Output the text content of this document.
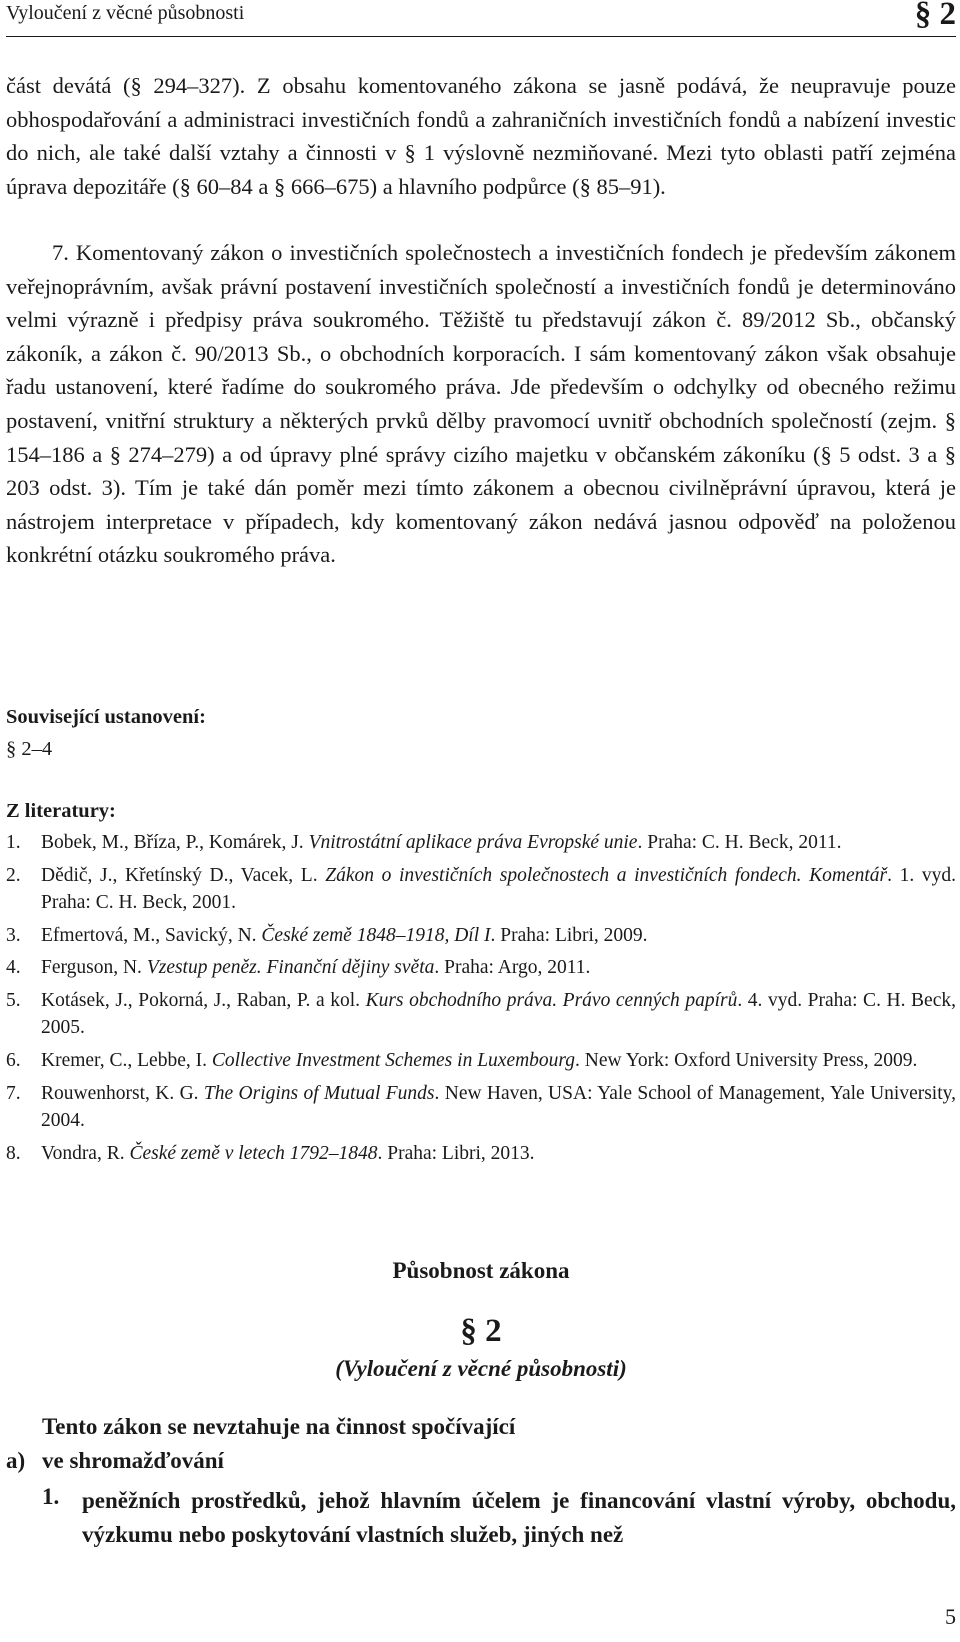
Vyloučení z věcné působnosti	§ 2

část devátá (§ 294–327). Z obsahu komentovaného zákona se jasně podává, že neupravuje pouze obhospodařování a administraci investičních fondů a zahraničních investičních fondů a nabízení investic do nich, ale také další vztahy a činnosti v § 1 výslovně nezmiňované. Mezi tyto oblasti patří zejména úprava depozitáře (§ 60–84 a § 666–675) a hlavního podpůrce (§ 85–91).

7. Komentovaný zákon o investičních společnostech a investičních fondech je především zákonem veřejnoprávním, avšak právní postavení investičních společností a investičních fondů je determinováno velmi výrazně i předpisy práva soukromého. Těžiště tu představují zákon č. 89/2012 Sb., občanský zákoník, a zákon č. 90/2013 Sb., o obchodních korporacích. I sám komentovaný zákon však obsahuje řadu ustanovení, které řadíme do soukromého práva. Jde především o odchylky od obecného režimu postavení, vnitřní struktury a některých prvků dělby pravomocí uvnitř obchodních společností (zejm. § 154–186 a § 274–279) a od úpravy plné správy cizího majetku v občanském zákoníku (§ 5 odst. 3 a § 203 odst. 3). Tím je také dán poměr mezi tímto zákonem a obecnou civilněprávní úpravou, která je nástrojem interpretace v případech, kdy komentovaný zákon nedává jasnou odpověď na položenou konkrétní otázku soukromého práva.

Související ustanovení:
§ 2–4
Z literatury:
1. Bobek, M., Bříza, P., Komárek, J. Vnitrostátní aplikace práva Evropské unie. Praha: C. H. Beck, 2011.
2. Dědič, J., Křetínský D., Vacek, L. Zákon o investičních společnostech a investičních fondech. Komentář. 1. vyd. Praha: C. H. Beck, 2001.
3. Efmertová, M., Savický, N. České země 1848–1918, Díl I. Praha: Libri, 2009.
4. Ferguson, N. Vzestup peněz. Finanční dějiny světa. Praha: Argo, 2011.
5. Kotásek, J., Pokorná, J., Raban, P. a kol. Kurs obchodního práva. Právo cenných papírů. 4. vyd. Praha: C. H. Beck, 2005.
6. Kremer, C., Lebbe, I. Collective Investment Schemes in Luxembourg. New York: Oxford University Press, 2009.
7. Rouwenhorst, K. G. The Origins of Mutual Funds. New Haven, USA: Yale School of Management, Yale University, 2004.
8. Vondra, R. České země v letech 1792–1848. Praha: Libri, 2013.
Působnost zákona
§ 2
(Vyloučení z věcné působnosti)
Tento zákon se nevztahuje na činnost spočívající
a) ve shromažďování
1. peněžních prostředků, jehož hlavním účelem je financování vlastní výroby, obchodu, výzkumu nebo poskytování vlastních služeb, jiných než
5
